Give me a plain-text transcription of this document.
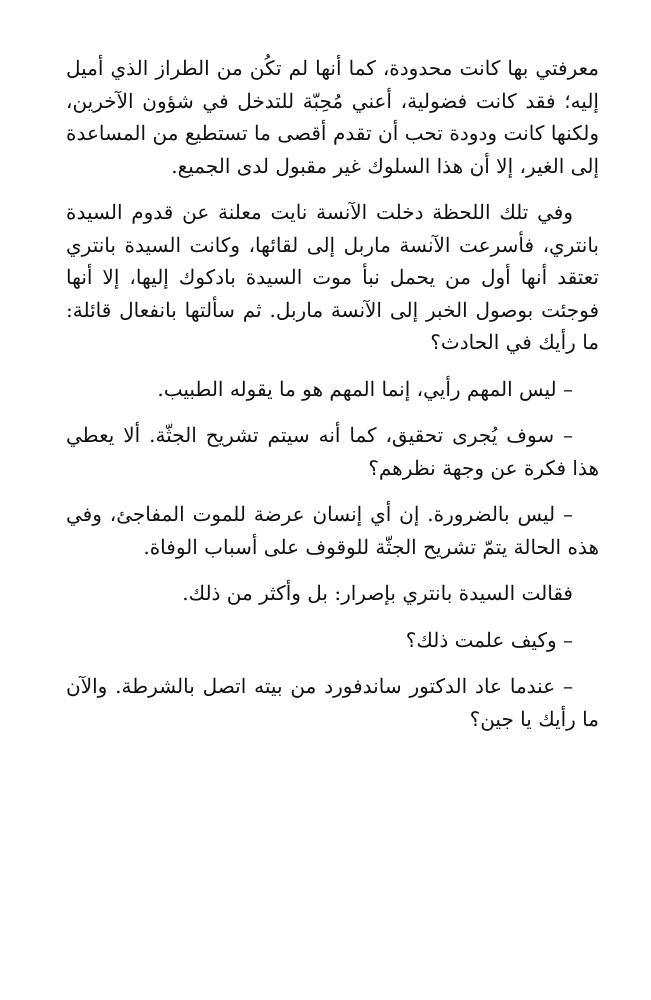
معرفتي بها كانت محدودة، كما أنها لم تكُن من الطراز الذي أميل إليه؛ فقد كانت فضولية، أعني مُحِبّة للتدخل في شؤون الآخرين، ولكنها كانت ودودة تحب أن تقدم أقصى ما تستطيع من المساعدة إلى الغير، إلا أن هذا السلوك غير مقبول لدى الجميع.

وفي تلك اللحظة دخلت الآنسة نايت معلنة عن قدوم السيدة بانتري، فأسرعت الآنسة ماربل إلى لقائها، وكانت السيدة بانتري تعتقد أنها أول من يحمل نبأ موت السيدة بادكوك إليها، إلا أنها فوجئت بوصول الخبر إلى الآنسة ماربل. ثم سألتها بانفعال قائلة: ما رأيك في الحادث؟

– ليس المهم رأيي، إنما المهم هو ما يقوله الطبيب.

– سوف يُجرى تحقيق، كما أنه سيتم تشريح الجثّة. ألا يعطي هذا فكرة عن وجهة نظرهم؟

– ليس بالضرورة. إن أي إنسان عرضة للموت المفاجئ، وفي هذه الحالة يتمّ تشريح الجثّة للوقوف على أسباب الوفاة.

فقالت السيدة بانتري بإصرار: بل وأكثر من ذلك.

– وكيف علمت ذلك؟

– عندما عاد الدكتور ساندفورد من بيته اتصل بالشرطة. والآن ما رأيك يا جين؟
